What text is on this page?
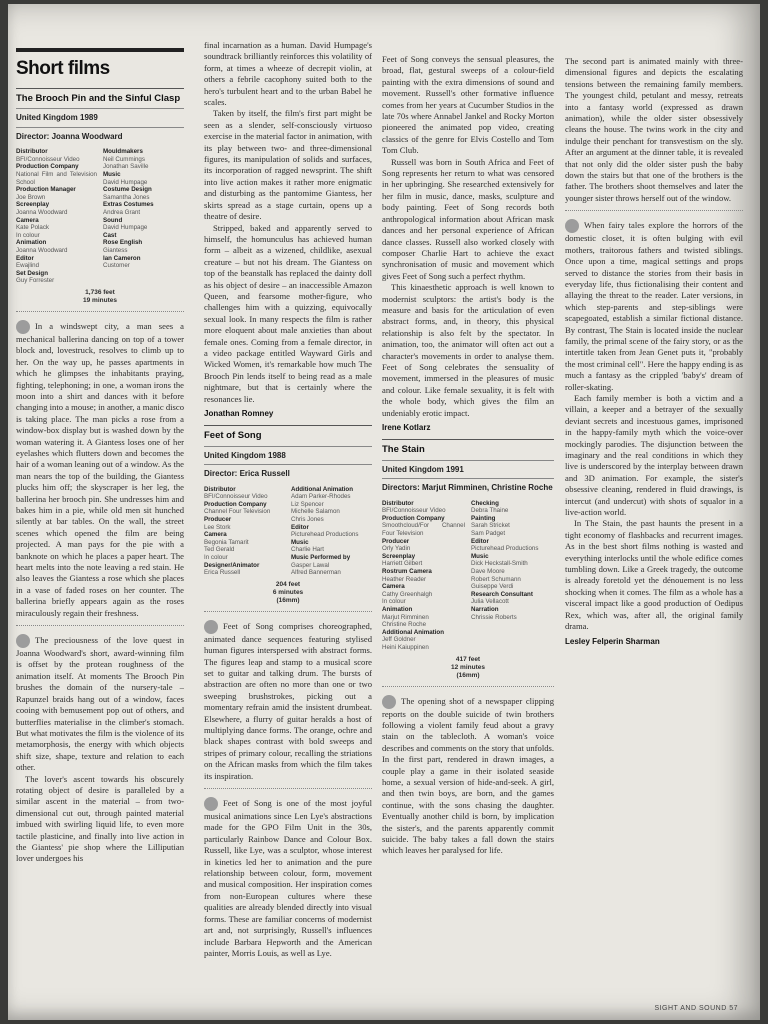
Short films
The Brooch Pin and the Sinful Clasp
United Kingdom 1989
Director: Joanna Woodward
Distributor
BFI/Connoisseur Video
Production Company
National Film and Television School
Production Manager
Joe Brown
Screenplay
Joanna Woodward
Camera
Kate Polack
In colour
Animation
Joanna Woodward
Editor
Ewajlind
Set Design
Guy Forrester
Mouldmakers
Neil Cummings
Jonathan Saville
Music
David Humpage
Costume Design
Samantha Jones
Extras Costumes
Andrea Grant
Sound
David Humpage
Cast
Rose English
Giantess
Ian Cameron
Customer
1,736 feet
19 minutes

In a windswept city, a man sees a mechanical ballerina dancing on top of a tower block and, lovestruck, resolves to climb up to her. On the way up, he passes apartments in which he glimpses the inhabitants praying, fighting, telephoning; in one, a woman irons the moon into a shirt and dances with it before changing into a mouse; in another, a manic disco is taking place. The man picks a rose from a window-box display but is washed down by the woman watering it. A Giantess loses one of her eyelashes which flutters down and becomes the hair of a woman leaning out of a window. As the man nears the top of the building, the Giantess plucks him off; the skyscraper is her leg, the ballerina her brooch pin. She undresses him and bakes him in a pie, while old men sit hunched silently at bar tables. On the wall, the street scenes which opened the film are being projected. A man pays for the pie with a banknote on which he places a paper heart. The heart melts into the note leaving a red stain. He also leaves the Giantess a rose which she places in a vase of faded roses on her counter. The ballerina briefly appears again as the roses miraculously regain their freshness.

The preciousness of the love quest in Joanna Woodward's short, award-winning film is offset by the protean roughness of the animation itself. At moments The Brooch Pin brushes the domain of the nursery-tale – Rapunzel braids hang out of a window, faces cooing with bemusement pop out of others, and butterflies materialise in the climber's stomach. But what motivates the film is the violence of its metamorphosis, the energy with which objects shift size, shape, texture and relation to each other.

The lover's ascent towards his obscurely rotating object of desire is paralleled by a similar ascent in the material – from two-dimensional cut out, through painted material imbued with swirling liquid life, to even more tactile plasticine, and finally into live action in the Giantess' pie shop where the Lilliputian lover undergoes his

final incarnation as a human. David Humpage's soundtrack brilliantly reinforces this volatility of form, at times a wheeze of decrepit violin, at others a febrile cacophony suited both to the hero's turbulent heart and to the urban Babel he scales.

Taken by itself, the film's first part might be seen as a slender, self-consciously virtuoso exercise in the material factor in animation, with its play between two- and three-dimensional figures, its manipulation of solids and surfaces, its incorporation of ragged newsprint. The shift into live action makes it rather more enigmatic and disturbing as the pantomime Giantess, her skirts spread as a stage curtain, opens up a theatre of desire.

Stripped, baked and apparently served to himself, the homunculus has achieved human form – albeit as a wizened, childlike, asexual creature – but not his dream. The Giantess on top of the beanstalk has replaced the dainty doll as his object of desire – an inaccessible Amazon Queen, and fearsome mother-figure, who challenges him with a quizzing, equivocally sexual look. In many respects the film is rather more eloquent about male anxieties than about female ones. Coming from a female director, in a video package entitled Wayward Girls and Wicked Women, it's remarkable how much The Brooch Pin lends itself to being read as a male nightmare, but that is certainly where the resonances lie.

Jonathan Romney
Feet of Song
United Kingdom 1988
Director: Erica Russell
Distributor
BFI/Connoisseur Video
Production Company
Channel Four Television
Producer
Lee Stork
Camera
Begonia Tamarit
Ted Gerald
In colour
Designer/Animator
Erica Russell
Additional Animation
Adam Parker-Rhodes
Liz Spencer
Michelle Salamon
Chris Jones
Editor
Picturehead Productions
Music
Charlie Hart
Music Performed by
Gasper Lawal
Alfred Bannerman
204 feet
6 minutes
(16mm)

Feet of Song comprises choreographed, animated dance sequences featuring stylised human figures interspersed with abstract forms. The figures leap and stamp to a musical score set to guitar and talking drum. The bursts of abstraction are often no more than one or two sweeping brushstrokes, picking out a momentary refrain amid the insistent drumbeat. Elsewhere, a flurry of guitar heralds a host of multiplying dance forms. The orange, ochre and black shapes contrast with bold sweeps and stripes of primary colour, recalling the striations on the African masks from which the film takes its inspiration.

Feet of Song is one of the most joyful musical animations since Len Lye's abstractions made for the GPO Film Unit in the 30s, particularly Rainbow Dance and Colour Box. Russell, like Lye, was a sculptor, whose interest in kinetics led her to animation and the pure relationship between colour, form, movement and musical composition. Her inspiration comes from non-European cultures where these qualities are already blended directly into visual forms. These are familiar concerns of modernist art and, not surprisingly, Russell's influences include Barbara Hepworth and the American painter, Morris Louis, as well as Lye.

Feet of Song conveys the sensual pleasures, the broad, flat, gestural sweeps of a colour-field painting with the extra dimensions of sound and movement. Russell's other formative influence comes from her years at Cucumber Studios in the late 70s where Annabel Jankel and Rocky Morton pioneered the animated pop video, creating classics of the genre for Elvis Costello and Tom Tom Club.

Russell was born in South Africa and Feet of Song represents her return to what was censored in her upbringing. She researched extensively for her film in music, dance, masks, sculpture and body painting. Feet of Song records both anthropological information about African mask dances and her personal experience of African dance classes. Russell also worked closely with composer Charlie Hart to achieve the exact synchronisation of music and movement which gives Feet of Song such a perfect rhythm.

This kinaesthetic approach is well known to modernist sculptors: the artist's body is the measure and basis for the articulation of even abstract forms, and, in theory, this physical relationship is also felt by the spectator. In animation, too, the animator will often act out a character's movements in order to analyse them. Feet of Song celebrates the sensuality of movement, immersed in the pleasures of music and colour. Like female sexuality, it is felt with the whole body, which gives the film an undeniably erotic impact.

Irene Kotlarz
The Stain
United Kingdom 1991
Directors: Marjut Rimminen, Christine Roche
Distributor
BFI/Connoisseur Video
Production Company
Smoothcloud/For Channel Four Television
Producer
Orly Yadin
Screenplay
Harriett Gilbert
Rostrum Camera
Heather Reader
Camera
Cathy Greenhalgh
In colour
Animation
Marjut Rimminen
Christine Roche
Additional Animation
Jeff Goldner
Heini Kaiuppinen
Checking
Debra Thaine
Painting
Sarah Stricket
Sam Padget
Editor
Picturehead Productions
Music
Dick Heckstall-Smith
Dave Moore
Robert Schumann
Guiseppe Verdi
Research Consultant
Julia Vellacott
Narration
Chrissie Roberts
417 feet
12 minutes
(16mm)

The opening shot of a newspaper clipping reports on the double suicide of twin brothers following a violent family feud about a gravy stain on the tablecloth. A woman's voice describes and comments on the story that unfolds. In the first part, rendered in drawn images, a couple play a game in their isolated seaside home, a sexual version of hide-and-seek. A girl, and then twin boys, are born, and the games continue, with the sons chasing the daughter. Eventually another child is born, by implication the sister's, and the parents apparently commit suicide. The baby takes a fall down the stairs which leaves her paralysed for life.

The second part is animated mainly with three-dimensional figures and depicts the escalating tensions between the remaining family members. The youngest child, petulant and messy, retreats into a fantasy world (expressed as drawn animation), while the older sister obsessively cleans the house. The twins work in the city and indulge their penchant for transvestism on the sly. After an argument at the dinner table, it is revealed that not only did the older sister push the baby down the stairs but that one of the brothers is the father. The brothers shoot themselves and later the younger sister throws herself out of the window.

When fairy tales explore the horrors of the domestic closet, it is often bulging with evil mothers, traitorous fathers and twisted siblings. Once upon a time, magical settings and props served to distance the stories from their basis in everyday life, thus fictionalising their content and allaying the threat to the reader. Later versions, in which step-parents and step-siblings were scapegoated, establish a similar fictional distance. By contrast, The Stain is located inside the nuclear family, the primal scene of the fairy story, or as the intertitle taken from Jean Genet puts it, "probably the most criminal cell". Here the happy ending is as much a fantasy as the crippled 'baby's' dream of roller-skating.

Each family member is both a victim and a villain, a keeper and a betrayer of the sexually deviant secrets and incestuous games, imprisoned in the happy-family myth which the voice-over mockingly parodies. The disjunction between the imaginary and the real conditions in which they live is underscored by the interplay between drawn and 3D animation. For example, the sister's obsessive cleaning, rendered in fluid drawings, is intercut (and undercut) with shots of squalor in a live-action world.

In The Stain, the past haunts the present in a tight economy of flashbacks and recurrent images. As in the best short films nothing is wasted and everything interlocks until the whole edifice comes tumbling down. Like a Greek tragedy, the outcome is already foretold yet the dénouement is no less shocking when it comes. The film as a whole has a visceral impact like a good production of Oedipus Rex, which was, after all, the original family drama.

Lesley Felperin Sharman
SIGHT AND SOUND 57
